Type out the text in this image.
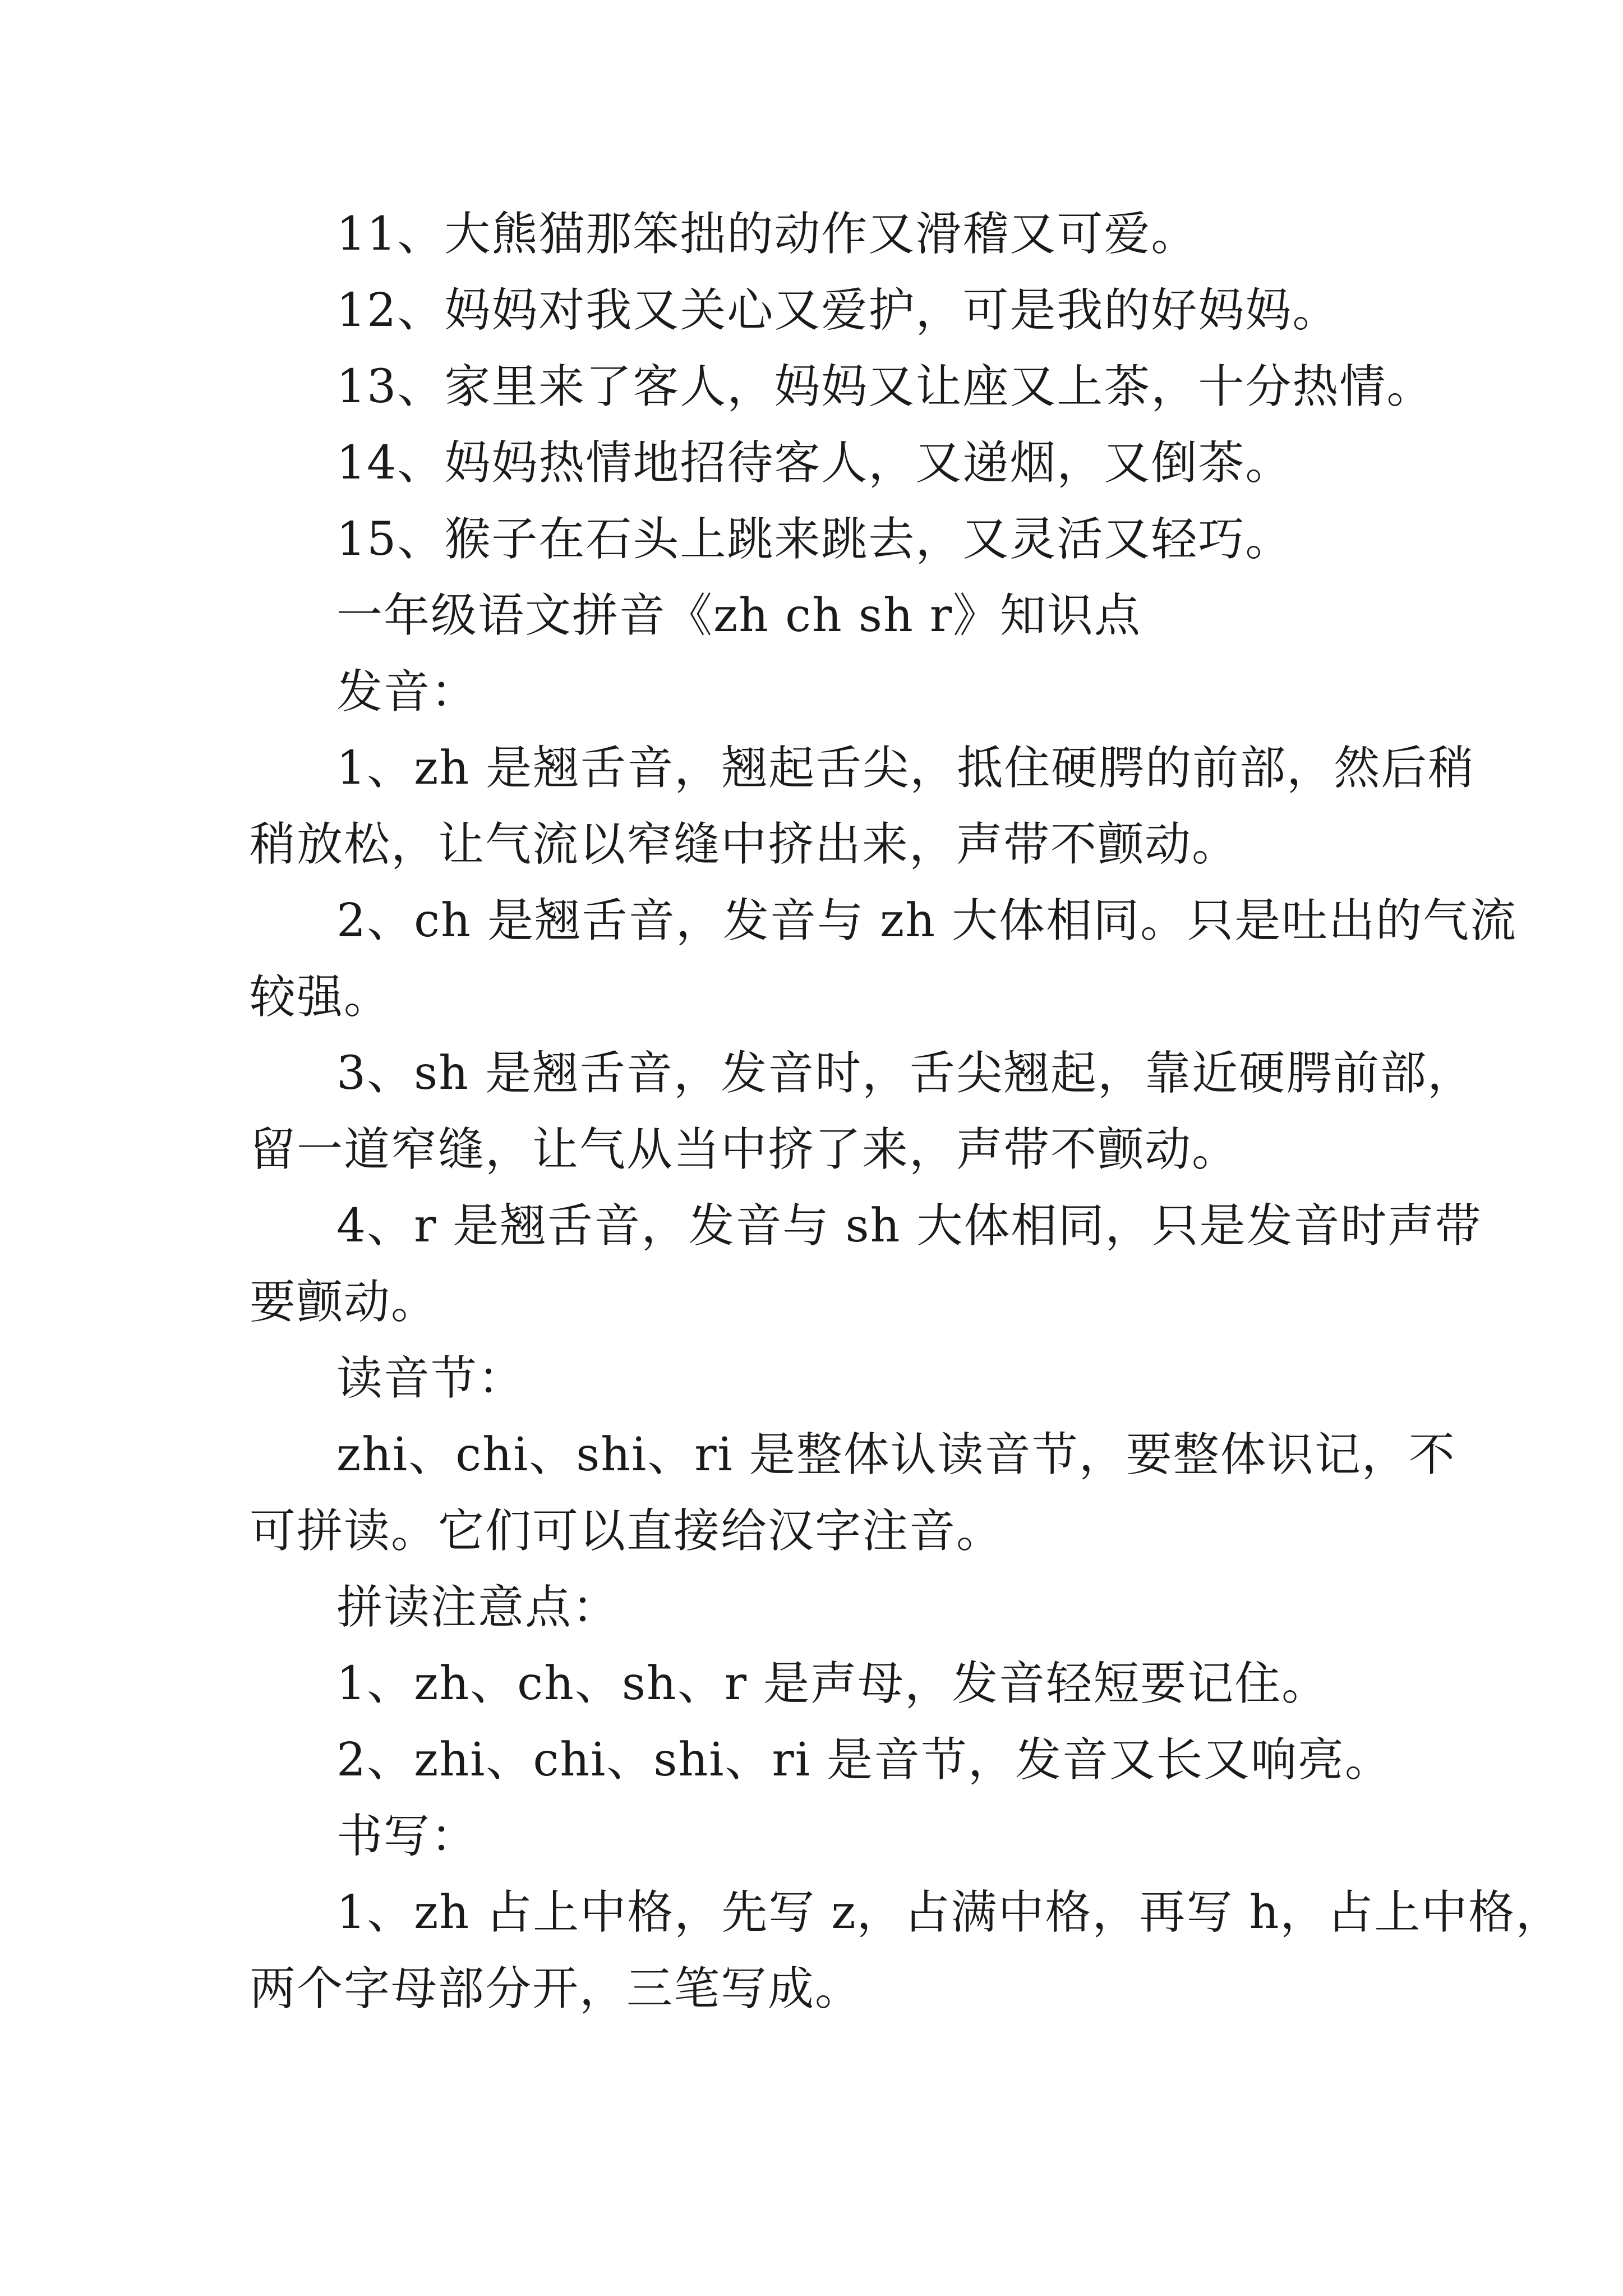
11、大熊猫那笨拙的动作又滑稽又可爱。
12、妈妈对我又关心又爱护，可是我的好妈妈。
13、家里来了客人，妈妈又让座又上茶，十分热情。
14、妈妈热情地招待客人，又递烟，又倒茶。
15、猴子在石头上跳来跳去，又灵活又轻巧。
一年级语文拼音《zh ch sh r》知识点
发音：
1、zh 是翘舌音，翘起舌尖，抵住硬腭的前部，然后稍
稍放松，让气流以窄缝中挤出来，声带不颤动。
2、ch 是翘舌音，发音与 zh 大体相同。只是吐出的气流
较强。
3、sh 是翘舌音，发音时，舌尖翘起，靠近硬腭前部，
留一道窄缝，让气从当中挤了来，声带不颤动。
4、r 是翘舌音，发音与 sh 大体相同，只是发音时声带
要颤动。
读音节：
zhi、chi、shi、ri 是整体认读音节，要整体识记，不
可拼读。它们可以直接给汉字注音。
拼读注意点：
1、zh、ch、sh、r 是声母，发音轻短要记住。
2、zhi、chi、shi、ri 是音节，发音又长又响亮。
书写：
1、zh 占上中格，先写 z，占满中格，再写 h，占上中格，
两个字母部分开，三笔写成。
